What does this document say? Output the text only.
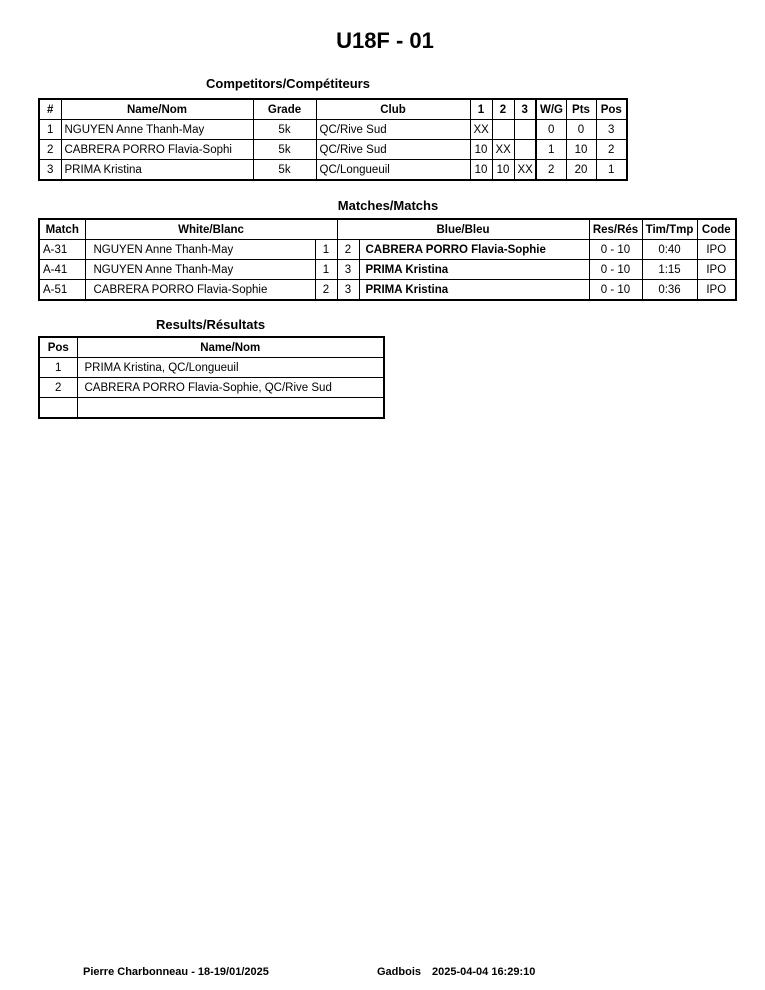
U18F - 01
Competitors/Compétiteurs
#	Name/Nom	Grade	Club	1	2	3	W/G	Pts	Pos
1	NGUYEN Anne Thanh-May	5k	QC/Rive Sud	XX			0	0	3
2	CABRERA PORRO Flavia-Sophi	5k	QC/Rive Sud	10	XX		1	10	2
3	PRIMA Kristina	5k	QC/Longueuil	10	10	XX	2	20	1
Matches/Matchs
Match	White/Blanc		Blue/Bleu		Res/Rés	Tim/Tmp	Code
A-31	NGUYEN Anne Thanh-May	1	2	CABRERA PORRO Flavia-Sophie	0 - 10	0:40	IPO
A-41	NGUYEN Anne Thanh-May	1	3	PRIMA Kristina	0 - 10	1:15	IPO
A-51	CABRERA PORRO Flavia-Sophie	2	3	PRIMA Kristina	0 - 10	0:36	IPO
Results/Résultats
Pos	Name/Nom
1	PRIMA Kristina, QC/Longueuil
2	CABRERA PORRO Flavia-Sophie, QC/Rive Sud

Pierre Charbonneau - 18-19/01/2025	Gadbois 2025-04-04 16:29:10
